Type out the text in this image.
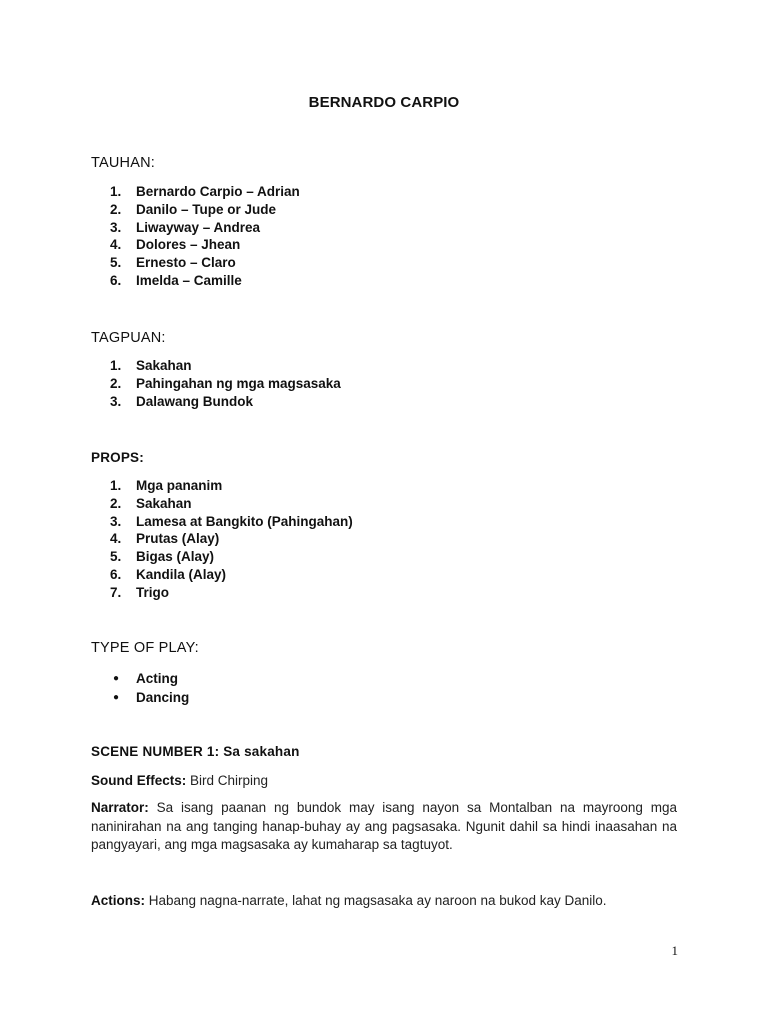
BERNARDO CARPIO
TAUHAN:
1. Bernardo Carpio – Adrian
2. Danilo – Tupe or Jude
3. Liwayway – Andrea
4. Dolores – Jhean
5. Ernesto – Claro
6. Imelda – Camille
TAGPUAN:
1. Sakahan
2. Pahingahan ng mga magsasaka
3. Dalawang Bundok
PROPS:
1. Mga pananim
2. Sakahan
3. Lamesa at Bangkito (Pahingahan)
4. Prutas (Alay)
5. Bigas (Alay)
6. Kandila (Alay)
7. Trigo
TYPE OF PLAY:
● Acting
● Dancing
SCENE NUMBER 1: Sa sakahan
Sound Effects: Bird Chirping
Narrator: Sa isang paanan ng bundok may isang nayon sa Montalban na mayroong mga naninirahan na ang tanging hanap-buhay ay ang pagsasaka. Ngunit dahil sa hindi inaasahan na pangyayari, ang mga magsasaka ay kumaharap sa tagtuyot.
Actions: Habang nagna-narrate, lahat ng magsasaka ay naroon na bukod kay Danilo.
1
